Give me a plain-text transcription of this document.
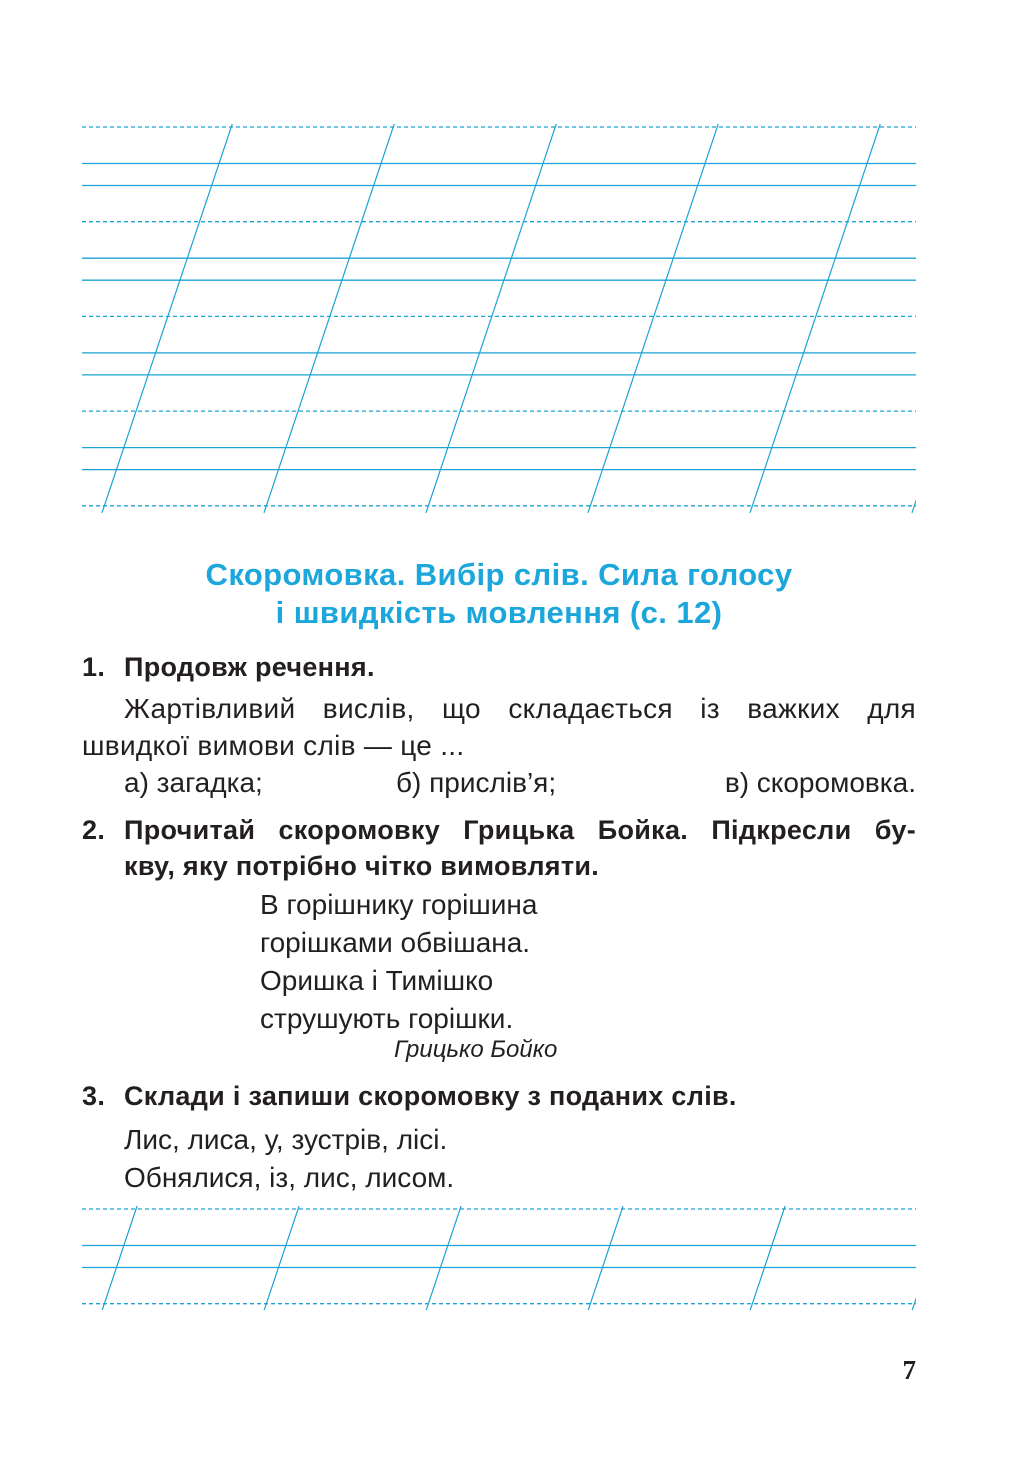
Скоромовка. Вибір слів. Сила голосу
і швидкість мовлення (с. 12)
1. Продовж речення.
Жартівливий вислів, що складається із важких для
швидкої вимови слів — це ...
а) загадка;	б) прислів’я;	в) скоромовка.
2. Прочитай скоромовку Грицька Бойка. Підкресли бу-
кву, яку потрібно чітко вимовляти.
В горішнику горішина
горішками обвішана.
Оришка і Тимішко
струшують горішки.
Грицько Бойко
3. Склади і запиши скоромовку з поданих слів.
Лис, лиса, у, зустрів, лісі.
Обнялися, із, лис, лисом.
7
